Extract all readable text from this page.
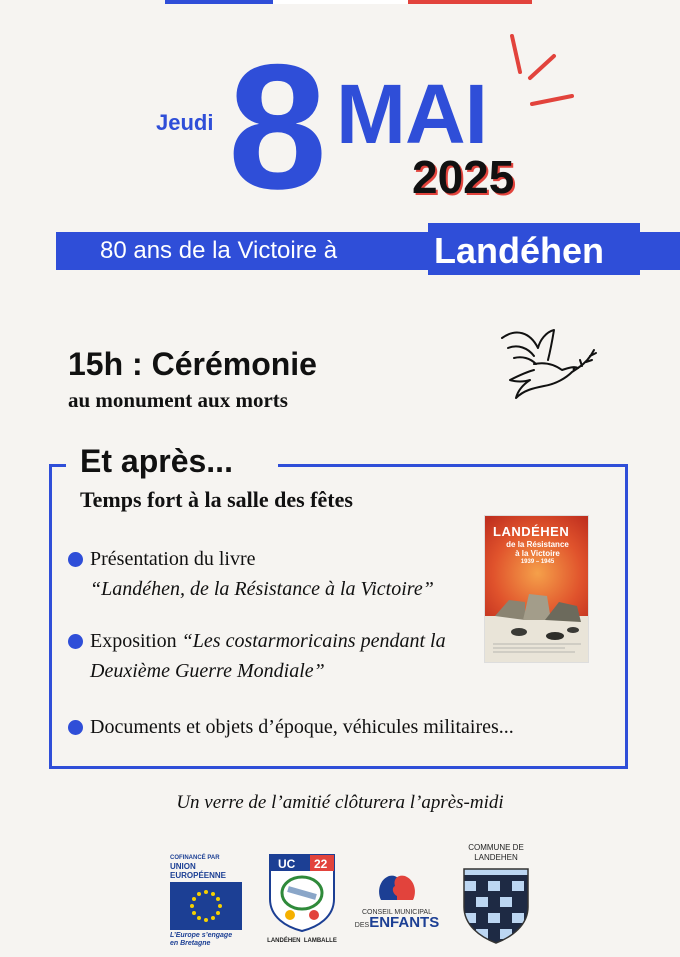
Jeudi 8 MAI
2025
80 ans de la Victoire à	Landéhen
15h : Cérémonie
au monument aux morts
Et après...
Temps fort à la salle des fêtes
Présentation du livre
“Landéhen, de la Résistance à la Victoire”
Exposition “Les costarmoricains pendant la
Deuxième Guerre Mondiale”
Documents et objets d’époque, véhicules militaires...
LANDÉHEN
de la Résistance
à la Victoire
1939 – 1945
Un verre de l’amitié clôturera l’après-midi
COFINANCÉ PAR
UNION EUROPÉENNE
L’Europe s’engage
en Bretagne
UC 22
LANDÉHEN LAMBALLE
CONSEIL MUNICIPAL
DESENFANTS
COMMUNE DE
LANDEHEN
